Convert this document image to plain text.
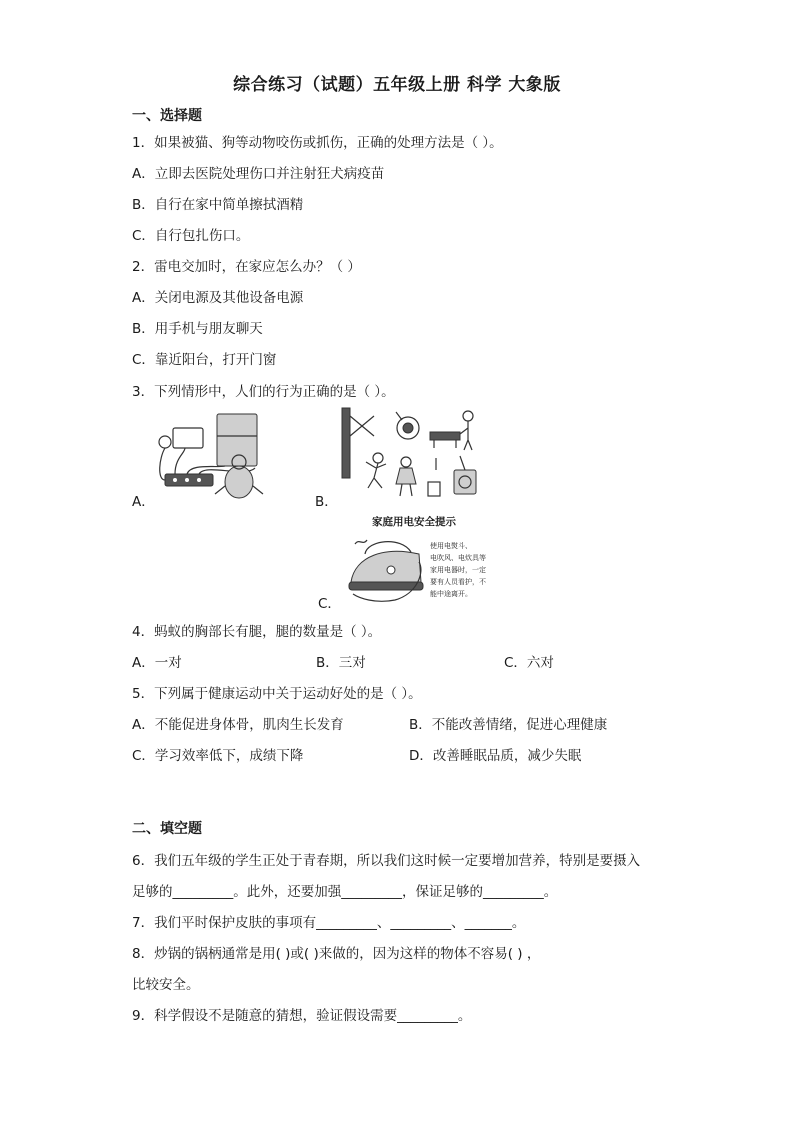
综合练习（试题）五年级上册 科学 大象版
一、选择题
1．如果被猫、狗等动物咬伤或抓伤，正确的处理方法是（ ）。
A．立即去医院处理伤口并注射狂犬病疫苗
B．自行在家中简单擦拭酒精
C．自行包扎伤口。
2．雷电交加时，在家应怎么办？（ ）
A．关闭电源及其他设备电源
B．用手机与朋友聊天
C．靠近阳台，打开门窗
3．下列情形中，人们的行为正确的是（ ）。
A．	B．
家庭用电安全提示
C．
使用电熨斗、
电吹风、电炊具等
家用电器时，一定
要有人员看护，不
能中途离开。
4．蚂蚁的胸部长有腿，腿的数量是（ ）。
A．一对	B．三对	C．六对
5．下列属于健康运动中关于运动好处的是（ ）。
A．不能促进身体骨，肌肉生长发育	B．不能改善情绪，促进心理健康
C．学习效率低下，成绩下降	D．改善睡眠品质，减少失眠
二、填空题
6．我们五年级的学生正处于青春期，所以我们这时候一定要增加营养，特别是要摄入
足够的_________。此外，还要加强_________，保证足够的_________。
7．我们平时保护皮肤的事项有_________、_________、_______。
8．炒锅的锅柄通常是用( )或( )来做的，因为这样的物体不容易( ) ，
比较安全。
9．科学假设不是随意的猜想，验证假设需要_________。
